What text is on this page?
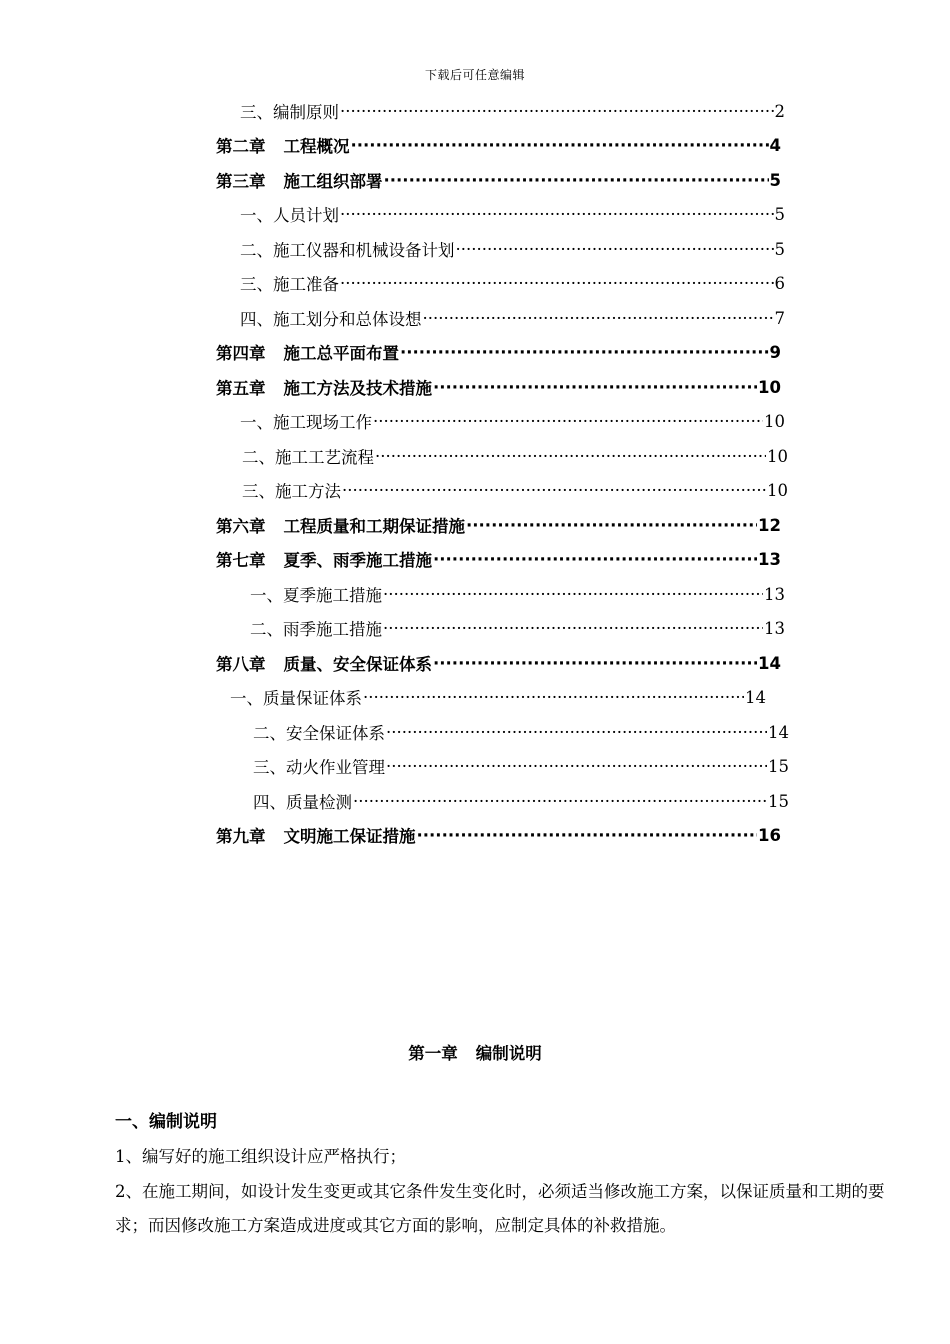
下载后可任意编辑
三、编制原则 ·····	2
第二章 工程概况 ·····	4
第三章 施工组织部署 ·····	5
一、人员计划 ·····	5
二、施工仪器和机械设备计划 ·····	5
三、施工准备 ·····	6
四、施工划分和总体设想 ·····	7
第四章 施工总平面布置 ·····	9
第五章 施工方法及技术措施 ·····	10
一、施工现场工作 ·····	10
二、施工工艺流程 ·····	10
三、施工方法 ·····	10
第六章 工程质量和工期保证措施 ·····	12
第七章 夏季、雨季施工措施 ·····	13
一、夏季施工措施 ·····	13
二、雨季施工措施 ·····	13
第八章 质量、安全保证体系 ·····	14
一、质量保证体系 ·····	14
二、安全保证体系 ·····	14
三、动火作业管理 ·····	15
四、质量检测 ·····	15
第九章 文明施工保证措施 ·····	16
第一章 编制说明
一、编制说明
1、编写好的施工组织设计应严格执行；
2、在施工期间，如设计发生变更或其它条件发生变化时，必须适当修改施工方案，以保证质量和工期的要求；而因修改施工方案造成进度或其它方面的影响，应制定具体的补救措施。
